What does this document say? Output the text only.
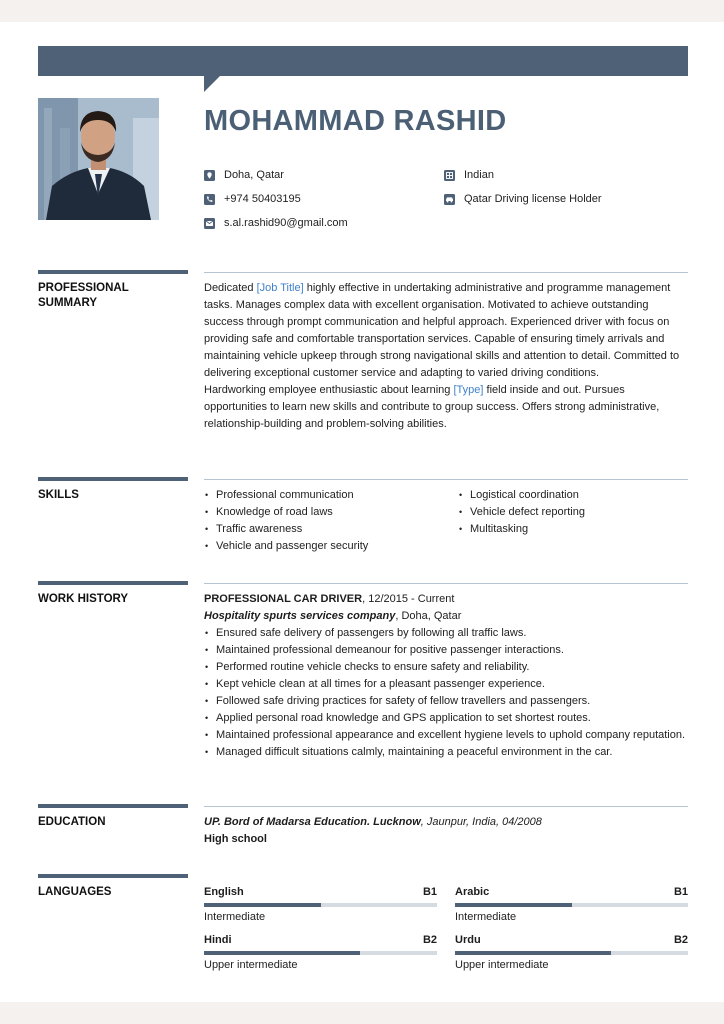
MOHAMMAD RASHID
Doha, Qatar
+974 50403195
s.al.rashid90@gmail.com
Indian
Qatar Driving license Holder
PROFESSIONAL
SUMMARY
Dedicated [Job Title] highly effective in undertaking administrative and programme management tasks. Manages complex data with excellent organisation. Motivated to achieve outstanding success through prompt communication and helpful approach. Experienced driver with focus on providing safe and comfortable transportation services. Capable of ensuring timely arrivals and maintaining vehicle upkeep through strong navigational skills and attention to detail. Committed to delivering exceptional customer service and adapting to varied driving conditions.
Hardworking employee enthusiastic about learning [Type] field inside and out. Pursues opportunities to learn new skills and contribute to group success. Offers strong administrative, relationship-building and problem-solving abilities.
SKILLS
•	Professional communication
• Knowledge of road laws
• Traffic awareness
• Vehicle and passenger security
• Logistical coordination
• Vehicle defect reporting
• Multitasking
WORK HISTORY	PROFESSIONAL CAR DRIVER, 12/2015 - Current
Hospitality spurts services company, Doha, Qatar
• Ensured safe delivery of passengers by following all traffic laws.
• Maintained professional demeanour for positive passenger interactions.
• Performed routine vehicle checks to ensure safety and reliability.
• Kept vehicle clean at all times for a pleasant passenger experience.
• Followed safe driving practices for safety of fellow travellers and passengers.
• Applied personal road knowledge and GPS application to set shortest routes.
• Maintained professional appearance and excellent hygiene levels to uphold company reputation.
• Managed difficult situations calmly, maintaining a peaceful environment in the car.
EDUCATION	UP. Bord of Madarsa Education. Lucknow, Jaunpur, India, 04/2008
High school
LANGUAGES	English	B1
Intermediate
Arabic	B1
Intermediate
Hindi	B2
Upper intermediate
Urdu	B2
Upper intermediate
